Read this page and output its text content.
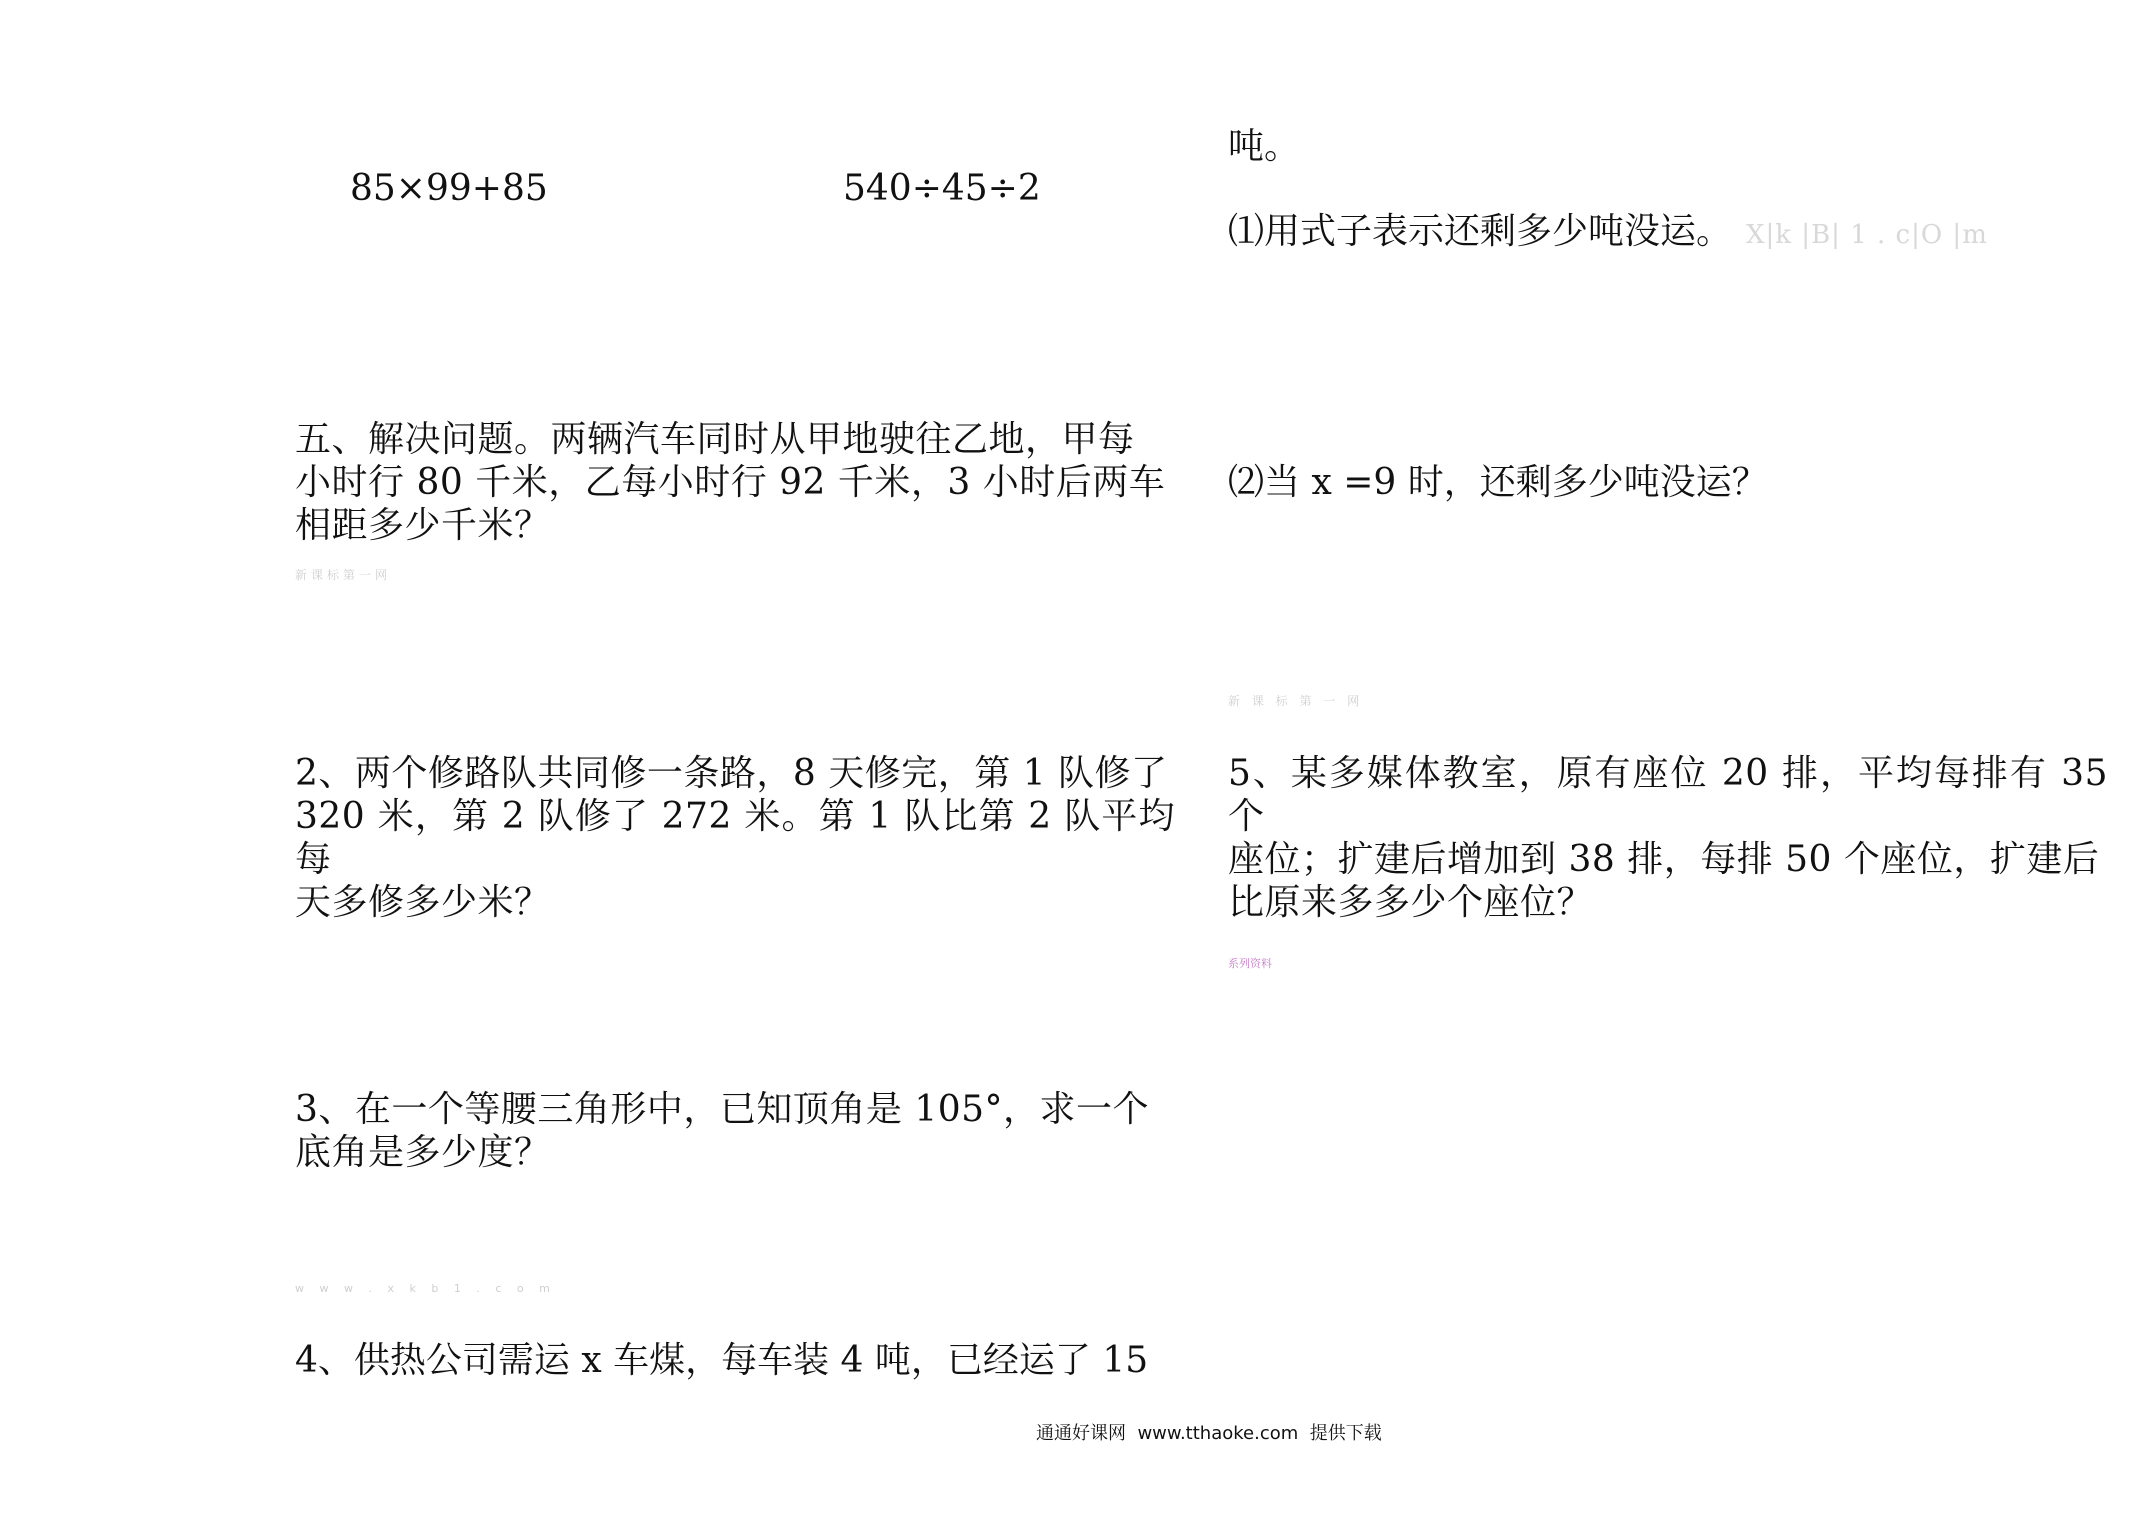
85×99+85	540÷45÷2
五、解决问题。两辆汽车同时从甲地驶往乙地，甲每
小时行 80 千米，乙每小时行 92 千米，3 小时后两车
相距多少千米？
新课标第一网
2、两个修路队共同修一条路，8 天修完，第 1 队修了
320 米，第 2 队修了 272 米。第 1 队比第 2 队平均每
天多修多少米？
3、在一个等腰三角形中，已知顶角是 105°，求一个
底角是多少度？
w w w . x k b 1 . c o m
4、供热公司需运 x 车煤，每车装 4 吨，已经运了 15
吨。
⑴用式子表示还剩多少吨没运。 X|k |B| 1 . c|O |m
⑵当 x =9 时，还剩多少吨没运？
新 课 标 第 一 网
5、某多媒体教室，原有座位 20 排，平均每排有 35 个
座位；扩建后增加到 38 排，每排 50 个座位，扩建后
比原来多多少个座位？
系列资料

通通好课网  www.tthaoke.com  提供下载
